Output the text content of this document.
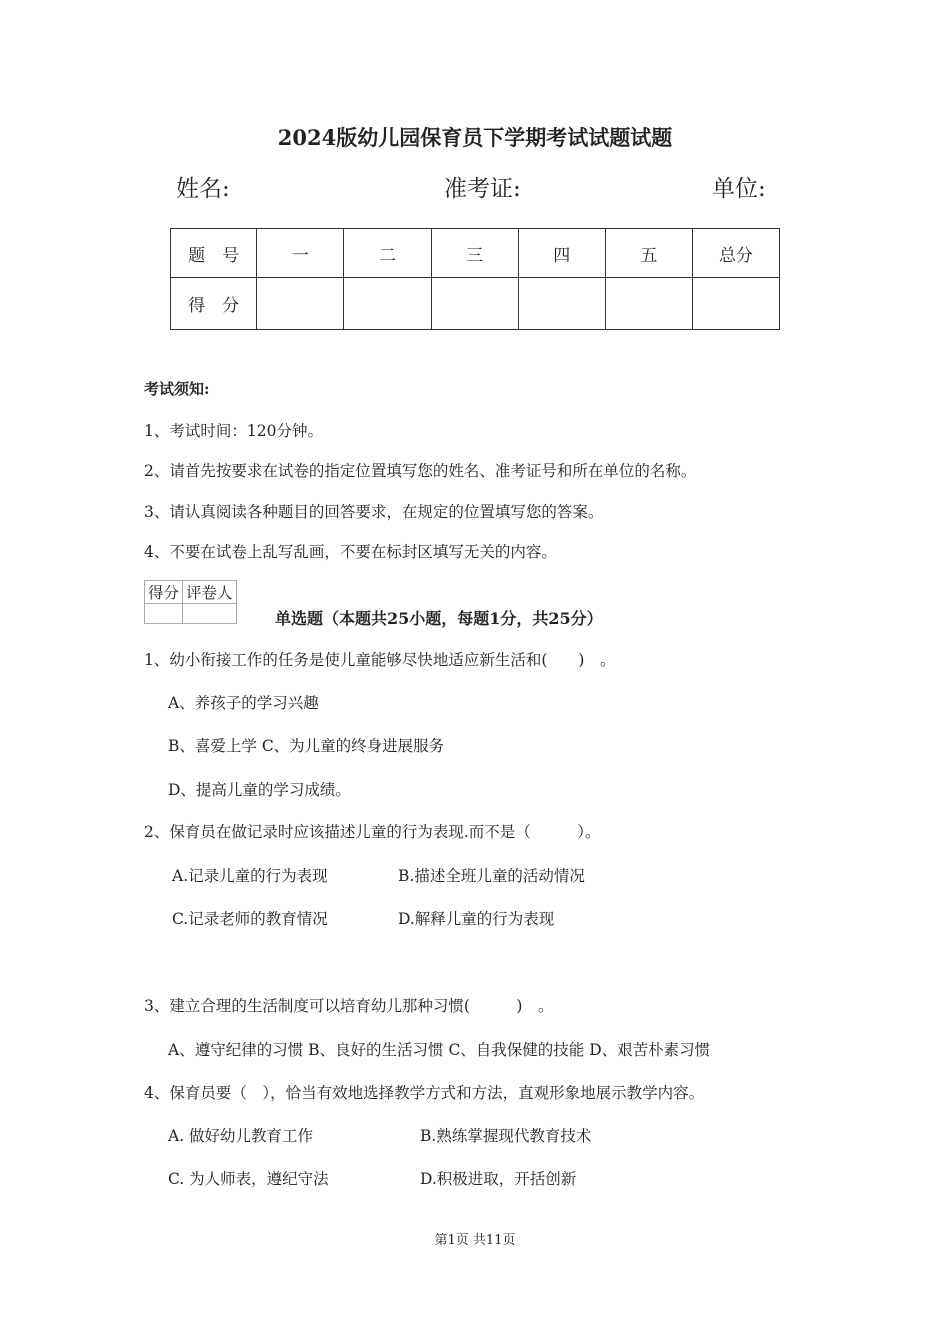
2024版幼儿园保育员下学期考试试题试题
姓名:	准考证:	单位:
题　号	一	二	三	四	五	总分
得　分						
考试须知:
1、考试时间：120分钟。
2、请首先按要求在试卷的指定位置填写您的姓名、准考证号和所在单位的名称。
3、请认真阅读各种题目的回答要求，在规定的位置填写您的答案。
4、不要在试卷上乱写乱画，不要在标封区填写无关的内容。
得分	评卷人

单选题（本题共25小题，每题1分，共25分）
1、幼小衔接工作的任务是使儿童能够尽快地适应新生活和(　　)　。
A、养孩子的学习兴趣
B、喜爱上学 C、为儿童的终身进展服务
D、提高儿童的学习成绩。
2、保育员在做记录时应该描述儿童的行为表现.而不是（　　　）。
A.记录儿童的行为表现	B.描述全班儿童的活动情况
C.记录老师的教育情况	D.解释儿童的行为表现
3、建立合理的生活制度可以培育幼儿那种习惯(　　　)　。
A、遵守纪律的习惯 B、良好的生活习惯 C、自我保健的技能 D、艰苦朴素习惯
4、保育员要（　），恰当有效地选择教学方式和方法，直观形象地展示教学内容。
A. 做好幼儿教育工作	B.熟练掌握现代教育技术
C. 为人师表，遵纪守法	D.积极进取，开括创新
第1页 共11页
